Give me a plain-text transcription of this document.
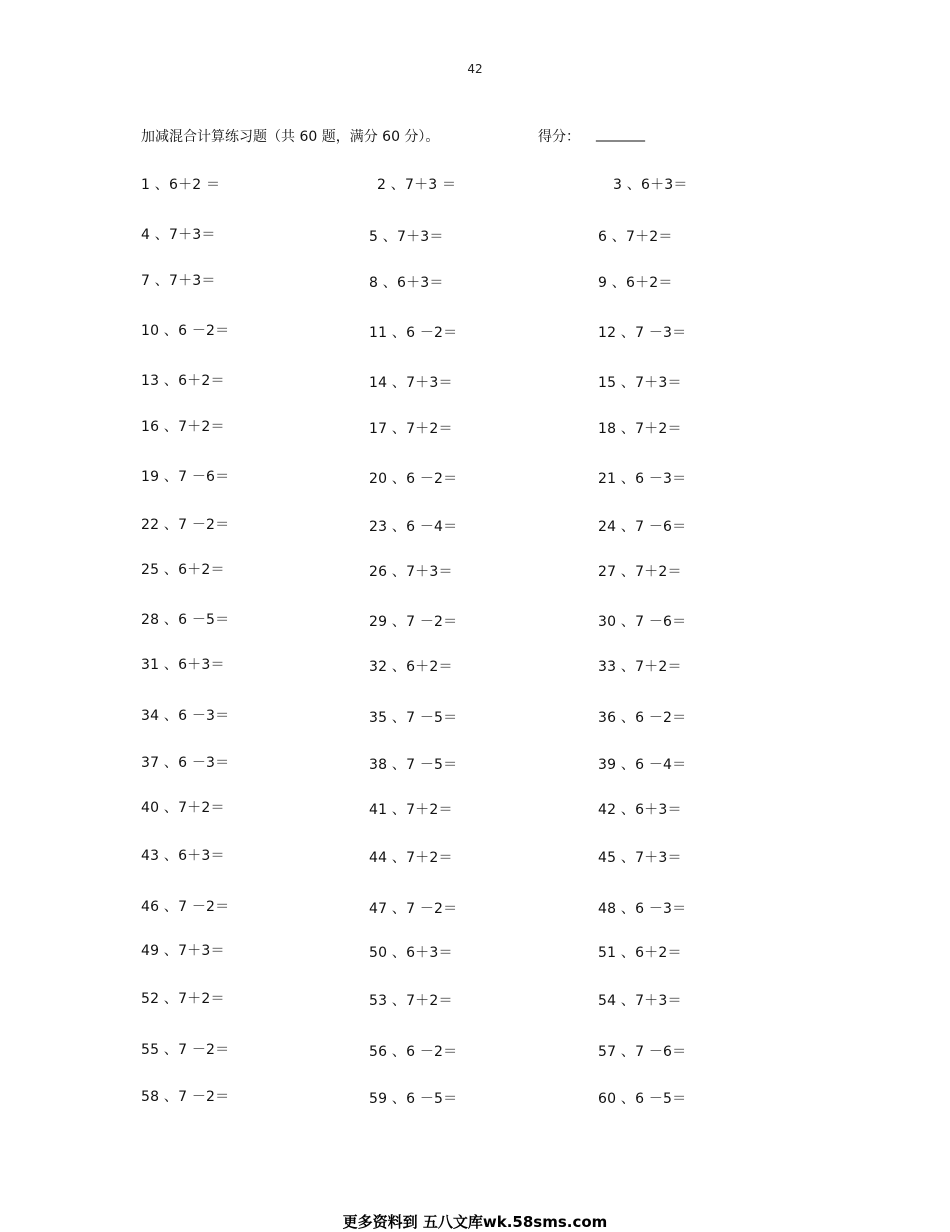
42
加减混合计算练习题（共 60 题，满分 60 分）。	得分： _______
1 、6＋2 ＝	2 、7＋3 ＝	3 、6＋3＝
4 、7＋3＝	5 、7＋3＝	6 、7＋2＝
7 、7＋3＝	8 、6＋3＝	9 、6＋2＝
10 、6 －2＝	11 、6 －2＝	12 、7 －3＝
13 、6＋2＝	14 、7＋3＝	15 、7＋3＝
16 、7＋2＝	17 、7＋2＝	18 、7＋2＝
19 、7 －6＝	20 、6 －2＝	21 、6 －3＝
22 、7 －2＝	23 、6 －4＝	24 、7 －6＝
25 、6＋2＝	26 、7＋3＝	27 、7＋2＝
28 、6 －5＝	29 、7 －2＝	30 、7 －6＝
31 、6＋3＝	32 、6＋2＝	33 、7＋2＝
34 、6 －3＝	35 、7 －5＝	36 、6 －2＝
37 、6 －3＝	38 、7 －5＝	39 、6 －4＝
40 、7＋2＝	41 、7＋2＝	42 、6＋3＝
43 、6＋3＝	44 、7＋2＝	45 、7＋3＝
46 、7 －2＝	47 、7 －2＝	48 、6 －3＝
49 、7＋3＝	50 、6＋3＝	51 、6＋2＝
52 、7＋2＝	53 、7＋2＝	54 、7＋3＝
55 、7 －2＝	56 、6 －2＝	57 、7 －6＝
58 、7 －2＝	59 、6 －5＝	60 、6 －5＝
更多资料到 五八文库wk.58sms.com
